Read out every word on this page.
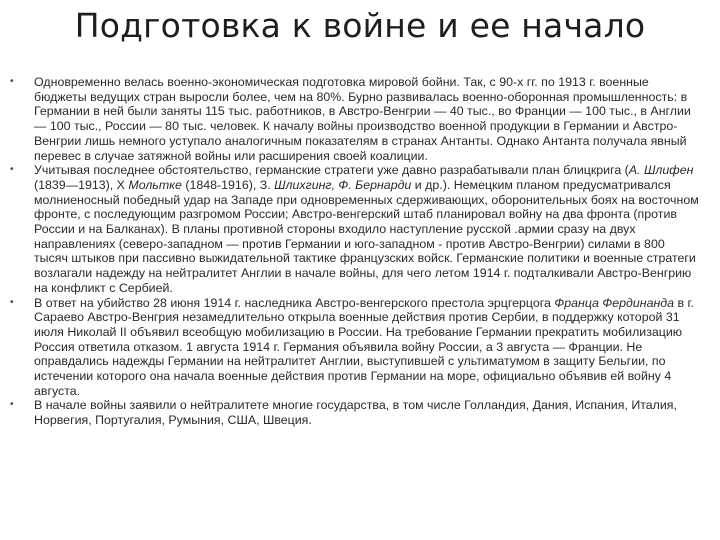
Подготовка к войне и ее начало
• Одновременно велась военно-экономическая подготовка мировой бойни. Так, с 90-х гг. по 1913 г. военные бюджеты ведущих стран выросли более, чем на 80%. Бурно развивалась военно-оборонная промышленность: в Германии в ней были заняты 115 тыс. работников, в Австро-Венгрии — 40 тыс., во Франции — 100 тыс., в Англии — 100 тыс., России — 80 тыс. человек. К началу войны производство военной продукции в Германии и Австро-Венгрии лишь немного уступало аналогичным показателям в странах Антанты. Однако Антанта получала явный перевес в случае затяжной войны или расширения своей коалиции.
• Учитывая последнее обстоятельство, германские стратеги уже давно разрабатывали план блицкрига (А. Шлифен (1839—1913), Х Мольтке (1848-1916), З. Шлихгинг, Ф. Бернарди и др.). Немецким планом предусматривался молниеносный победный удар на Западе при одновременных сдерживающих, оборонительных боях на восточном фронте, с последующим разгромом России; Австро-венгерский штаб планировал войну на два фронта (против России и на Балканах). В планы противной стороны входило наступление русской .армии сразу на двух направлениях (северо-западном — против Германии и юго-западном - против Австро-Венгрии) силами в 800 тысяч штыков при пассивно выжидательной тактике французских войск. Германские политики и военные стратеги возлагали надежду на нейтралитет Англии в начале войны, для чего летом 1914 г. подталкивали Австро-Венгрию на конфликт с Сербией.
• В ответ на убийство 28 июня 1914 г. наследника Австро-венгерского престола эрцгерцога Франца Фердинанда в г. Сараево Австро-Венгрия незамедлительно открыла военные действия против Сербии, в поддержку которой 31 июля Николай II объявил всеобщую мобилизацию в России. На требование Германии прекратить мобилизацию Россия ответила отказом. 1 августа 1914 г. Германия объявила войну России, а 3 августа — Франции. Не оправдались надежды Германии на нейтралитет Англии, выступившей с ультиматумом в защиту Бельгии, по истечении которого она начала военные действия против Германии на море, официально объявив ей войну 4 августа.
• В начале войны заявили о нейтралитете многие государства, в том числе Голландия, Дания, Испания, Италия, Норвегия, Португалия, Румыния, США, Швеция.
